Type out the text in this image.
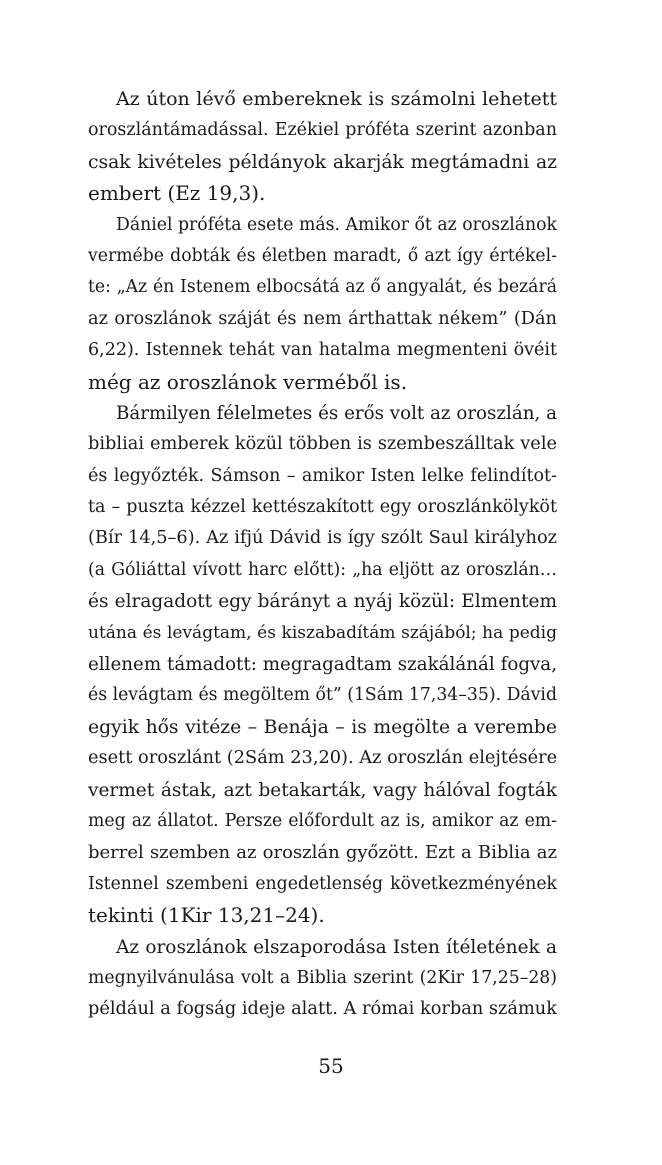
Az úton lévő embereknek is számolni lehetett
oroszlántámadással. Ezékiel próféta szerint azonban
csak kivételes példányok akarják megtámadni az
embert (Ez 19,3).
Dániel próféta esete más. Amikor őt az oroszlánok
vermébe dobták és életben maradt, ő azt így értékel-
te: „Az én Istenem elbocsátá az ő angyalát, és bezárá
az oroszlánok száját és nem árthattak nékem” (Dán
6,22). Istennek tehát van hatalma megmenteni övéit
még az oroszlánok verméből is.
Bármilyen félelmetes és erős volt az oroszlán, a
bibliai emberek közül többen is szembeszálltak vele
és legyőzték. Sámson – amikor Isten lelke felindítot-
ta – puszta kézzel kettészakított egy oroszlánkölyköt
(Bír 14,5–6). Az ifjú Dávid is így szólt Saul királyhoz
(a Góliáttal vívott harc előtt): „ha eljött az oroszlán…
és elragadott egy bárányt a nyáj közül: Elmentem
utána és levágtam, és kiszabadítám szájából; ha pedig
ellenem támadott: megragadtam szakálánál fogva,
és levágtam és megöltem őt” (1Sám 17,34–35). Dávid
egyik hős vitéze – Benája – is megölte a verembe
esett oroszlánt (2Sám 23,20). Az oroszlán elejtésére
vermet ástak, azt betakarták, vagy hálóval fogták
meg az állatot. Persze előfordult az is, amikor az em-
berrel szemben az oroszlán győzött. Ezt a Biblia az
Istennel szembeni engedetlenség következményének
tekinti (1Kir 13,21–24).
Az oroszlánok elszaporodása Isten ítéletének a
megnyilvánulása volt a Biblia szerint (2Kir 17,25–28)
például a fogság ideje alatt. A római korban számuk
55
